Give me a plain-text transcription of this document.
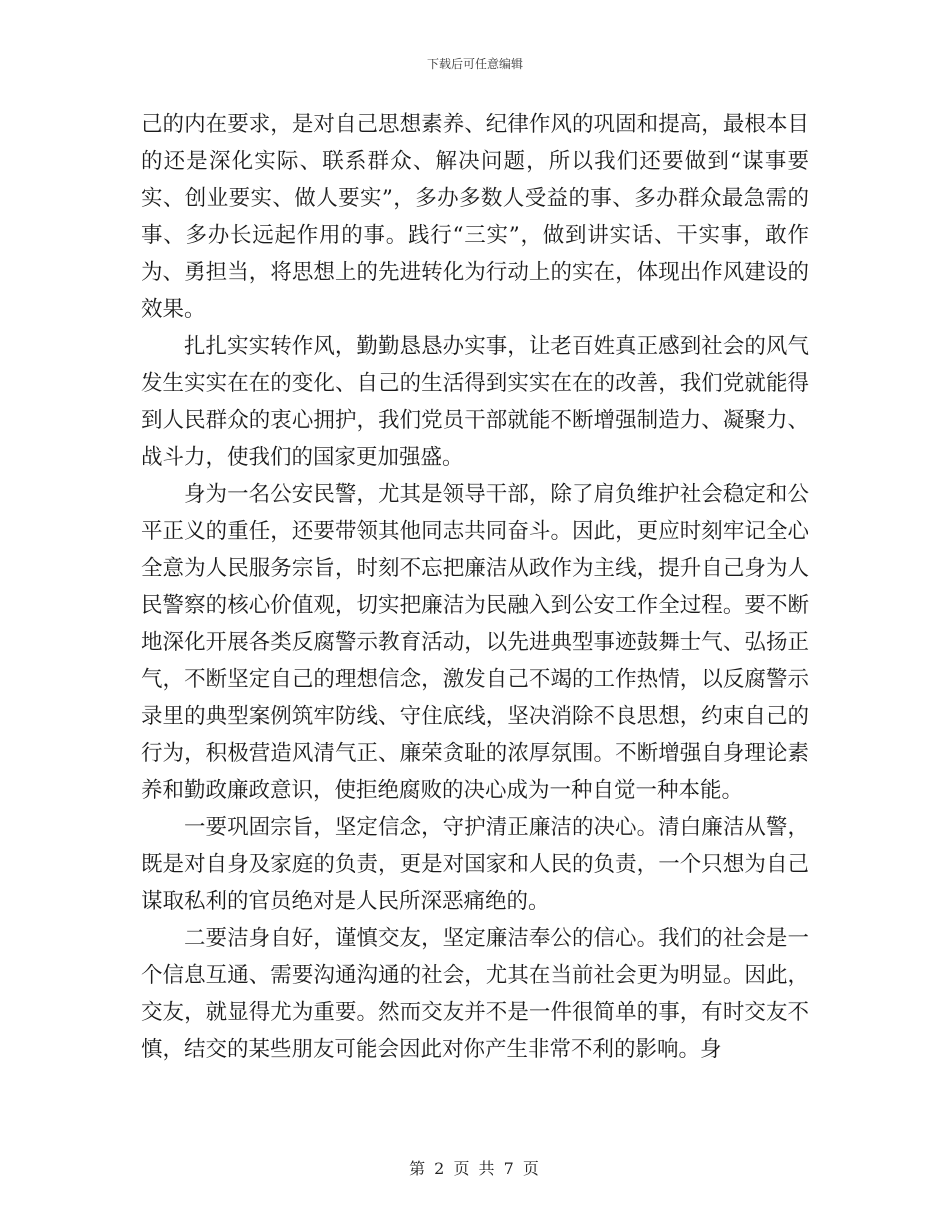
下载后可任意编辑

己的内在要求，是对自己思想素养、纪律作风的巩固和提高，最根本目的还是深化实际、联系群众、解决问题，所以我们还要做到“谋事要实、创业要实、做人要实”，多办多数人受益的事、多办群众最急需的事、多办长远起作用的事。践行“三实”，做到讲实话、干实事，敢作为、勇担当，将思想上的先进转化为行动上的实在，体现出作风建设的效果。

扎扎实实转作风，勤勤恳恳办实事，让老百姓真正感到社会的风气发生实实在在的变化、自己的生活得到实实在在的改善，我们党就能得到人民群众的衷心拥护，我们党员干部就能不断增强制造力、凝聚力、战斗力，使我们的国家更加强盛。

身为一名公安民警，尤其是领导干部，除了肩负维护社会稳定和公平正义的重任，还要带领其他同志共同奋斗。因此，更应时刻牢记全心全意为人民服务宗旨，时刻不忘把廉洁从政作为主线，提升自己身为人民警察的核心价值观，切实把廉洁为民融入到公安工作全过程。要不断地深化开展各类反腐警示教育活动，以先进典型事迹鼓舞士气、弘扬正气，不断坚定自己的理想信念，激发自己不竭的工作热情，以反腐警示录里的典型案例筑牢防线、守住底线，坚决消除不良思想，约束自己的行为，积极营造风清气正、廉荣贪耻的浓厚氛围。不断增强自身理论素养和勤政廉政意识，使拒绝腐败的决心成为一种自觉一种本能。

一要巩固宗旨，坚定信念，守护清正廉洁的决心。清白廉洁从警，既是对自身及家庭的负责，更是对国家和人民的负责，一个只想为自己谋取私利的官员绝对是人民所深恶痛绝的。

二要洁身自好，谨慎交友，坚定廉洁奉公的信心。我们的社会是一个信息互通、需要沟通沟通的社会，尤其在当前社会更为明显。因此，交友，就显得尤为重要。然而交友并不是一件很简单的事，有时交友不慎，结交的某些朋友可能会因此对你产生非常不利的影响。身

第 2 页 共 7 页
